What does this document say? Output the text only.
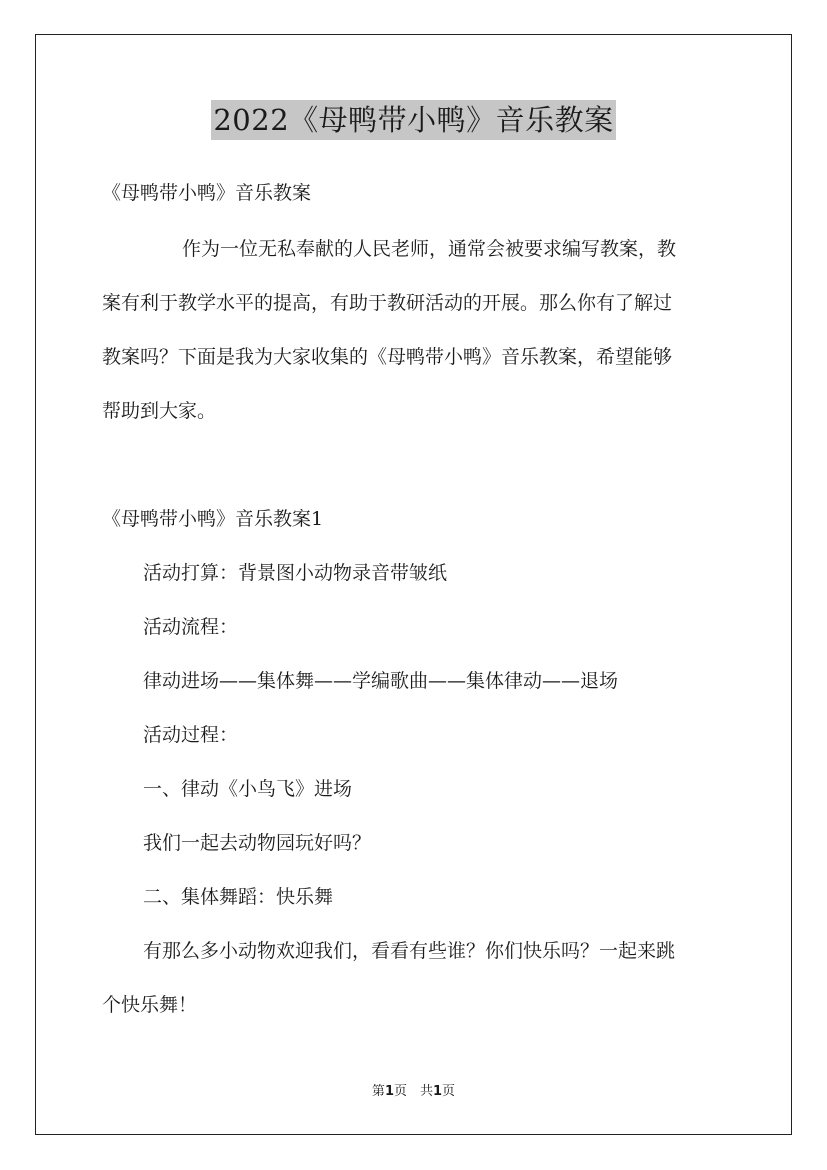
2022《母鸭带小鸭》音乐教案
《母鸭带小鸭》音乐教案
作为一位无私奉献的人民老师，通常会被要求编写教案，教
案有利于教学水平的提高，有助于教研活动的开展。那么你有了解过
教案吗？下面是我为大家收集的《母鸭带小鸭》音乐教案，希望能够
帮助到大家。
《母鸭带小鸭》音乐教案1
活动打算：背景图小动物录音带皱纸
活动流程：
律动进场——集体舞——学编歌曲——集体律动——退场
活动过程：
一、律动《小鸟飞》进场
我们一起去动物园玩好吗？
二、集体舞蹈：快乐舞
有那么多小动物欢迎我们，看看有些谁？你们快乐吗？一起来跳
个快乐舞！
第1页　共1页
